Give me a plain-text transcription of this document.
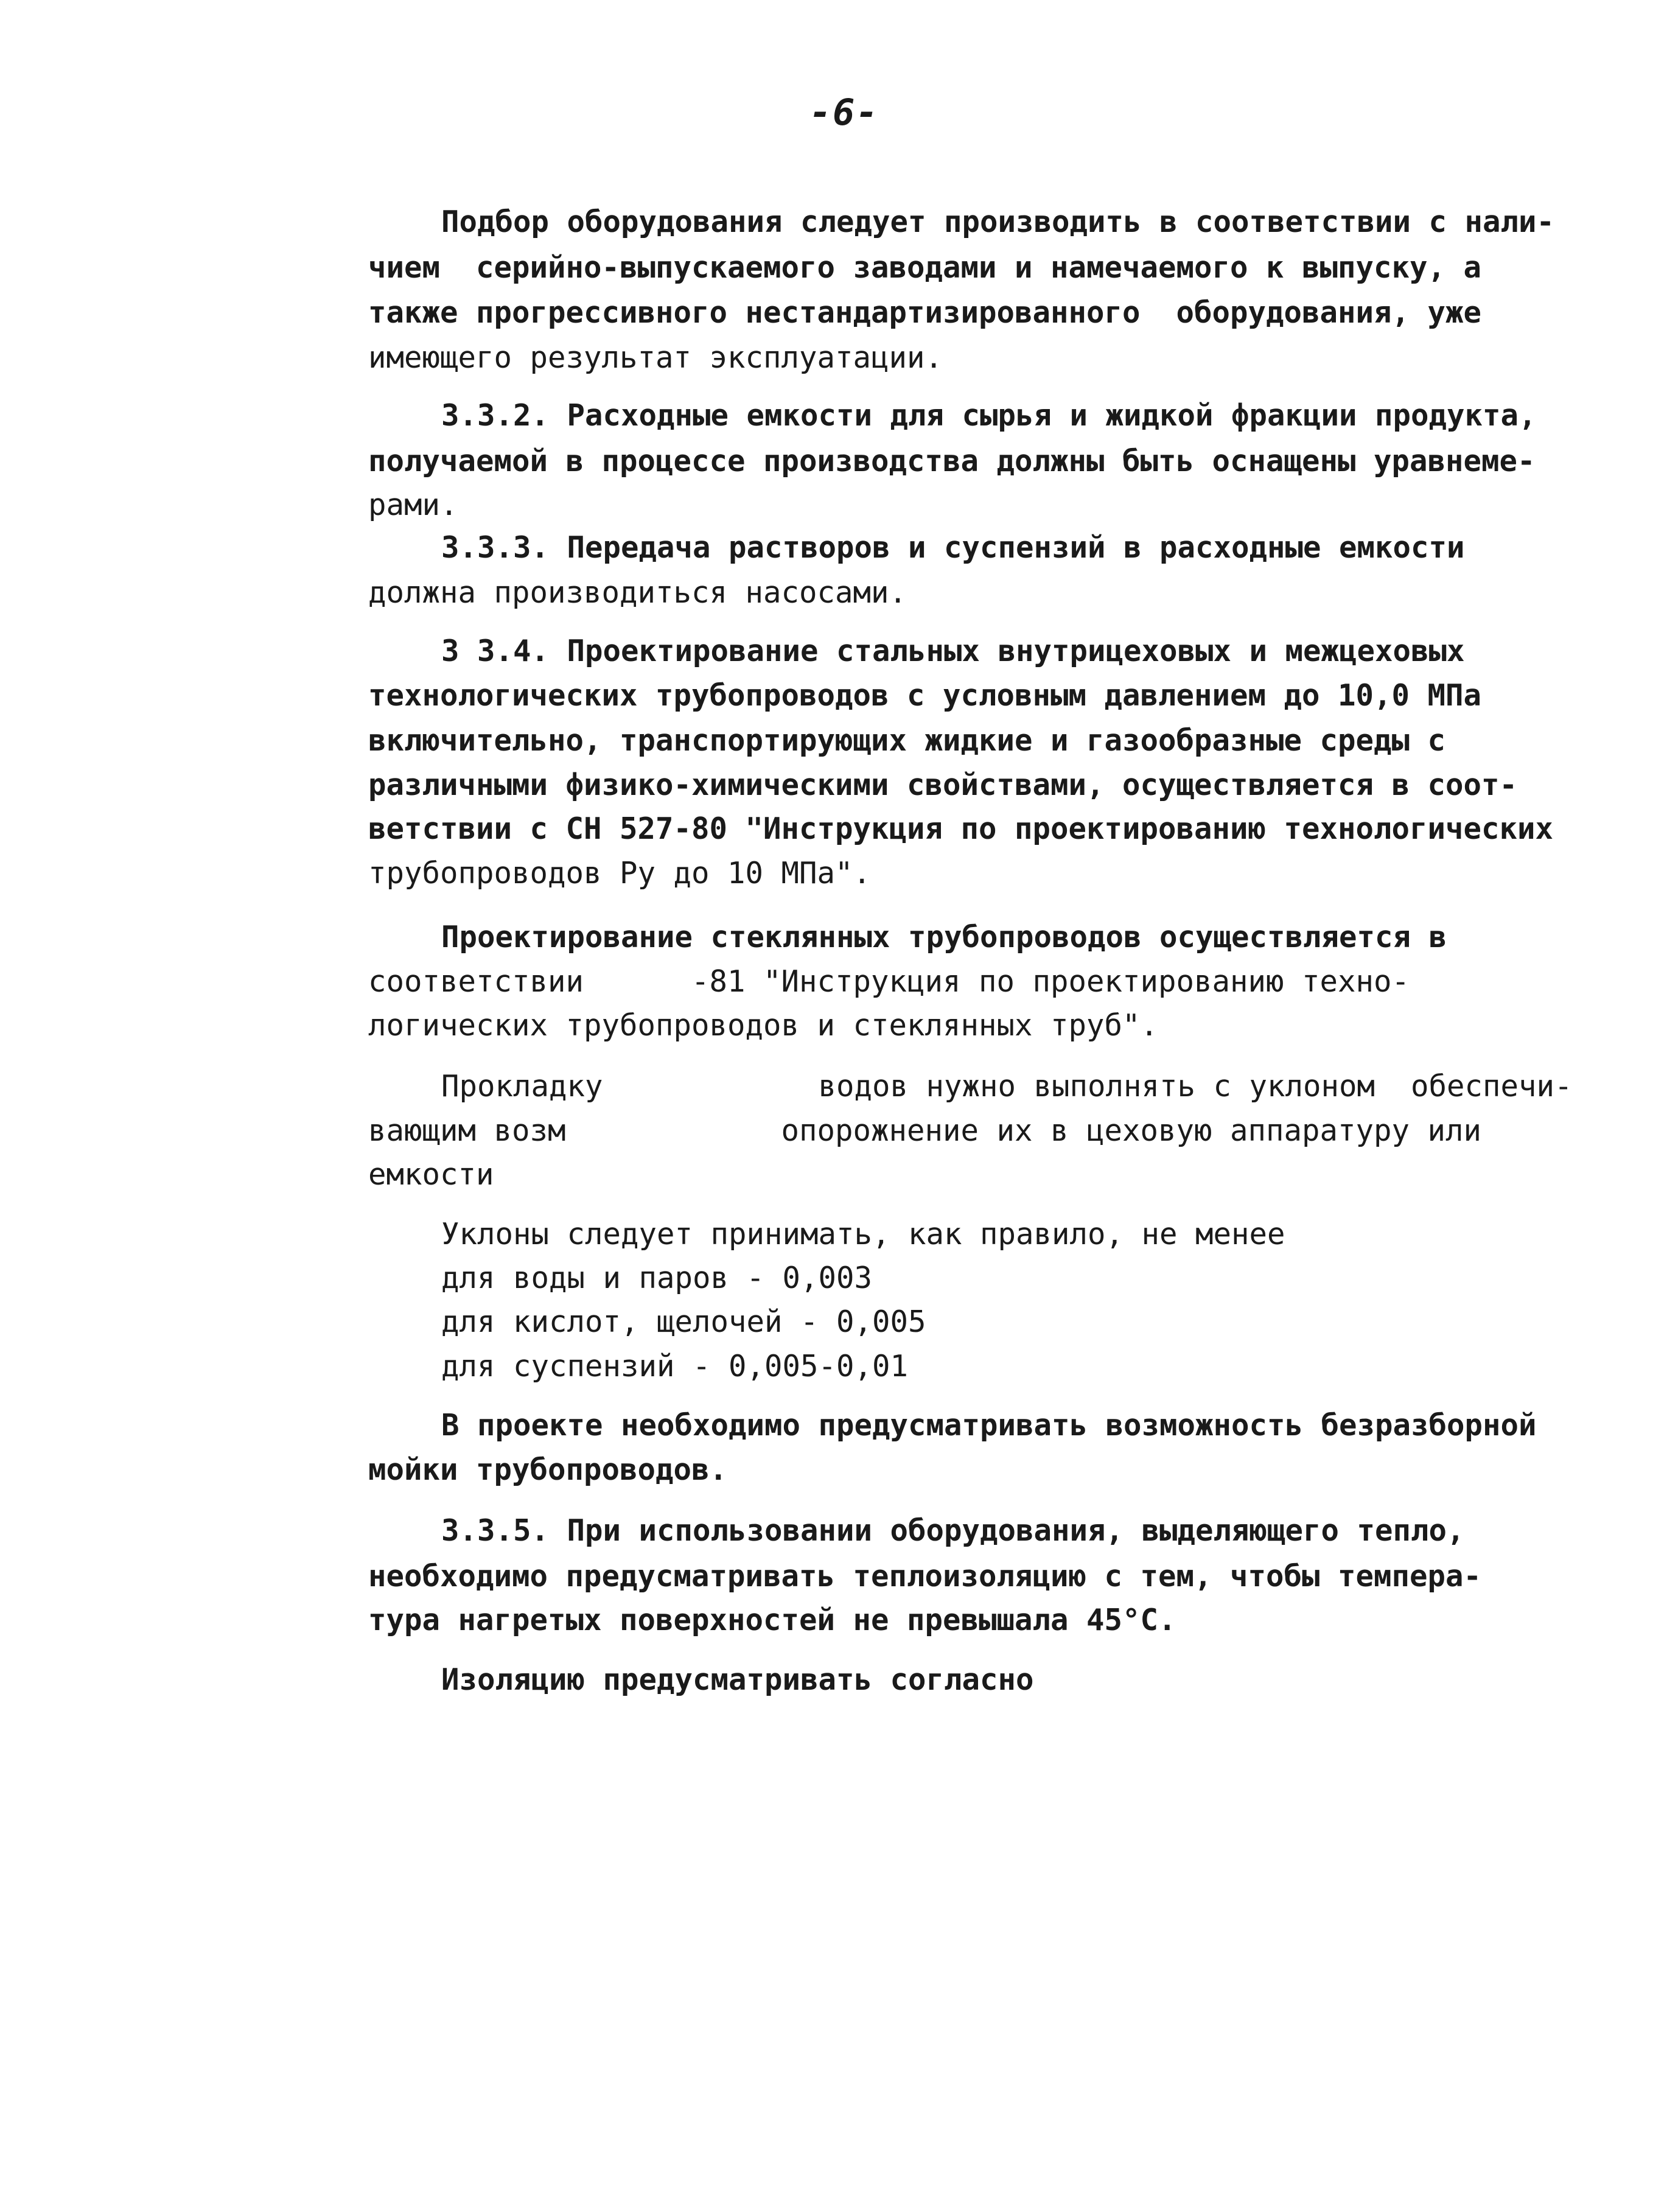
-6-
Подбор оборудования следует производить в соответствии с нали-
чием  серийно-выпускаемого заводами и намечаемого к выпуску, а
также прогрессивного нестандартизированного  оборудования, уже
имеющего результат эксплуатации.
3.3.2. Расходные емкости для сырья и жидкой фракции продукта,
получаемой в процессе производства должны быть оснащены уравнеме-
рами.
3.3.3. Передача растворов и суспензий в расходные емкости
должна производиться насосами.
3 3.4. Проектирование стальных внутрицеховых и межцеховых
технологических трубопроводов с условным давлением до 10,0 МПа
включительно, транспортирующих жидкие и газообразные среды с
различными физико-химическими свойствами, осуществляется в соот-
ветствии с СН 527-80 "Инструкция по проектированию технологических
трубопроводов Ру до 10 МПа".
Проектирование стеклянных трубопроводов осуществляется в
соответствии      -81 "Инструкция по проектированию техно-
логических трубопроводов и стеклянных труб".
Прокладку            водов нужно выполнять с уклоном  обеспечи-
вающим возм            опорожнение их в цеховую аппаратуру или
емкости
Уклоны следует принимать, как правило, не менее
для воды и паров - 0,003
для кислот, щелочей - 0,005
для суспензий - 0,005-0,01
В проекте необходимо предусматривать возможность безразборной
мойки трубопроводов.
3.3.5. При использовании оборудования, выделяющего тепло,
необходимо предусматривать теплоизоляцию с тем, чтобы темпера-
тура нагретых поверхностей не превышала 45°С.
Изоляцию предусматривать согласно
